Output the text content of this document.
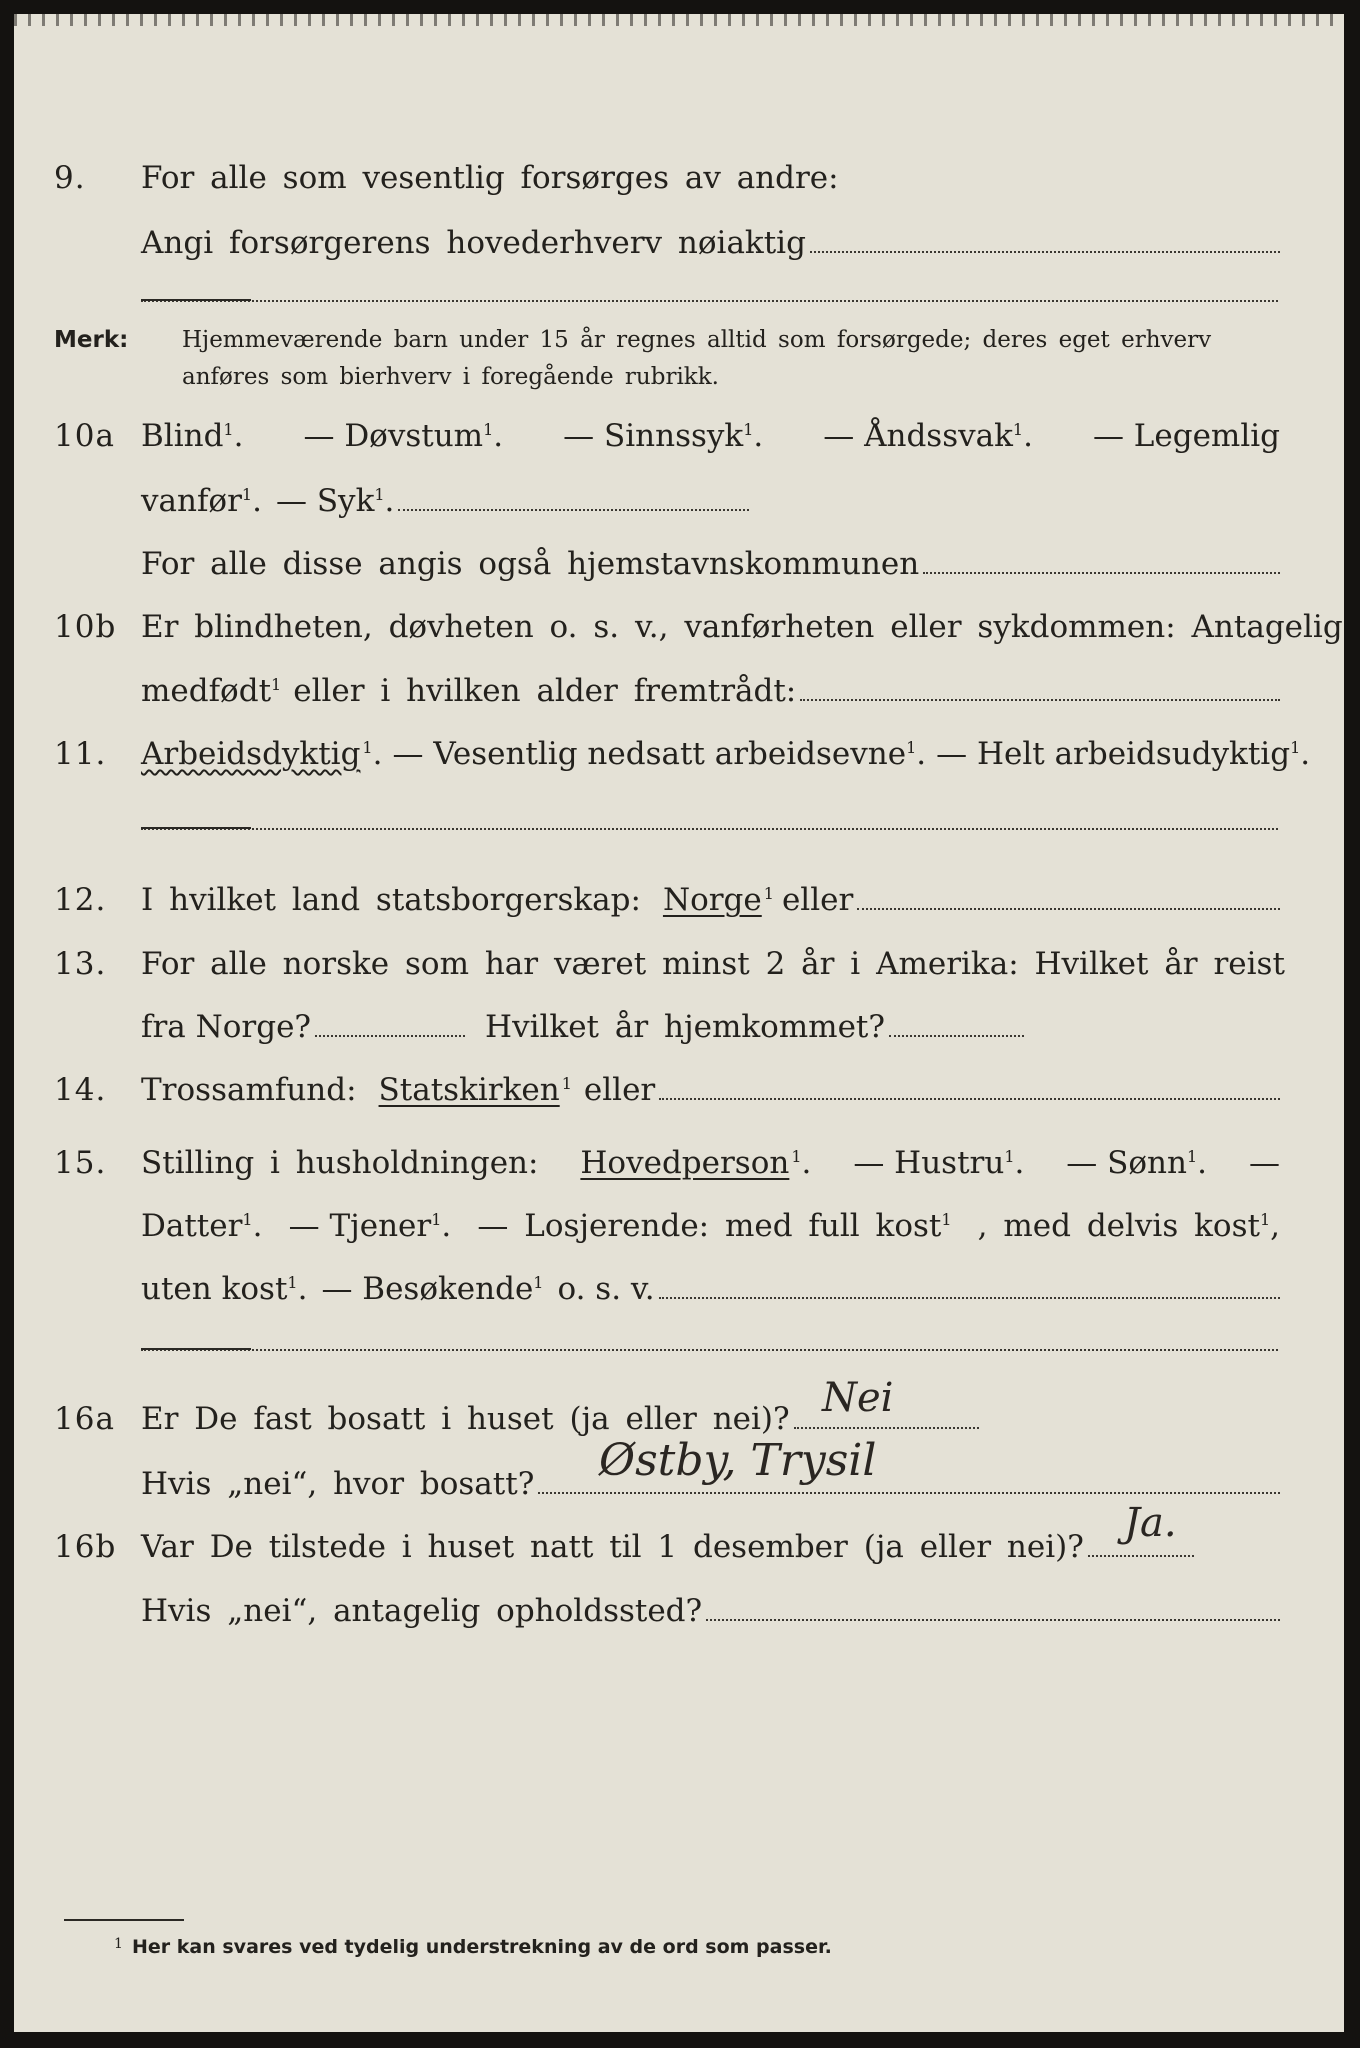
9. For alle som vesentlig forsørges av andre:
Angi forsørgerens hovederhverv nøiaktig
Merk: Hjemmeværende barn under 15 år regnes alltid som forsørgede; deres eget erhverv
anføres som bierhverv i foregående rubrikk.
10a Blind$^1$. — Døvstum$^1$. — Sinnssyk$^1$. — Åndssvak$^1$. — Legemlig
vanfør$^1$. — Syk$^1$.
For alle disse angis også hjemstavnskommunen
10b Er blindheten, døvheten o. s. v., vanførheten eller sykdommen: Antagelig
medfødt$^1$ eller i hvilken alder fremtrådt:
11. Arbeidsdyktig $^1$. — Vesentlig nedsatt arbeidsevne$^1$. — Helt arbeidsudyktig$^1$.
12. I hvilket land statsborgerskap: Norge $^1$ eller
13. For alle norske som har været minst 2 år i Amerika: Hvilket år reist
fra Norge?	Hvilket år hjemkommet?
14. Trossamfund: Statskirken $^1$ eller
15. Stilling i husholdningen: Hovedperson $^1$. — Hustru$^1$. — Sønn$^1$. —
Datter$^1$. — Tjener$^1$. — Losjerende: med full kost$^1$ , med delvis kost$^1$,
uten kost$^1$. — Besøkende$^1$ o. s. v.
16a Er De fast bosatt i huset (ja eller nei)? Nei
Hvis „nei“, hvor bosatt? Østby, Trysil
16b Var De tilstede i huset natt til 1 desember (ja eller nei)?
Ja.
Hvis „nei“, antagelig opholdssted?
1 Her kan svares ved tydelig understrekning av de ord som passer.
